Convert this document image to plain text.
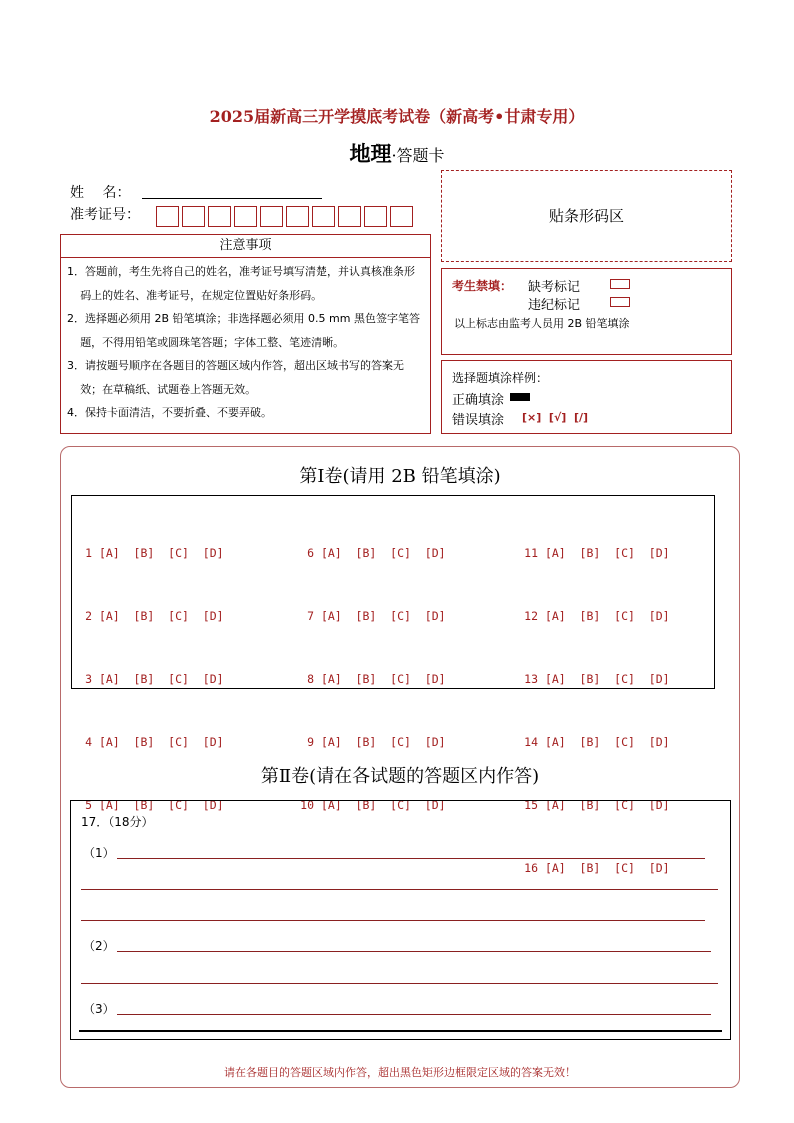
2025届新高三开学摸底考试卷（新高考•甘肃专用）
地理·答题卡
姓　 名：
准考证号：	贴条形码区
注意事项
1．答题前，考生先将自己的姓名，准考证号填写清楚，并认真核准条形码上的姓名、准考证号，在规定位置贴好条形码。
2．选择题必须用 2B 铅笔填涂；非选择题必须用 0.5 mm 黑色签字笔答题，不得用铅笔或圆珠笔答题；字体工整、笔迹清晰。
3．请按题号顺序在各题目的答题区域内作答，超出区域书写的答案无效；在草稿纸、试题卷上答题无效。
4．保持卡面清洁，不要折叠、不要弄破。
考生禁填： 缺考标记
违纪标记
以上标志由监考人员用 2B 铅笔填涂
选择题填涂样例：
正确填涂
错误填涂 [×]  [√]  [/]
第Ⅰ卷(请用 2B 铅笔填涂)

1 [A]  [B]  [C]  [D]

2 [A]  [B]  [C]  [D]

3 [A]  [B]  [C]  [D]

4 [A]  [B]  [C]  [D]

5 [A]  [B]  [C]  [D]

6 [A]  [B]  [C]  [D]

7 [A]  [B]  [C]  [D]

8 [A]  [B]  [C]  [D]

9 [A]  [B]  [C]  [D]

10 [A]  [B]  [C]  [D]

11 [A]  [B]  [C]  [D]

12 [A]  [B]  [C]  [D]

13 [A]  [B]  [C]  [D]

14 [A]  [B]  [C]  [D]

15 [A]  [B]  [C]  [D]

16 [A]  [B]  [C]  [D]

第Ⅱ卷(请在各试题的答题区内作答)
17．（18分）
（1）
（2）
（3）
请在各题目的答题区域内作答，超出黑色矩形边框限定区域的答案无效！
